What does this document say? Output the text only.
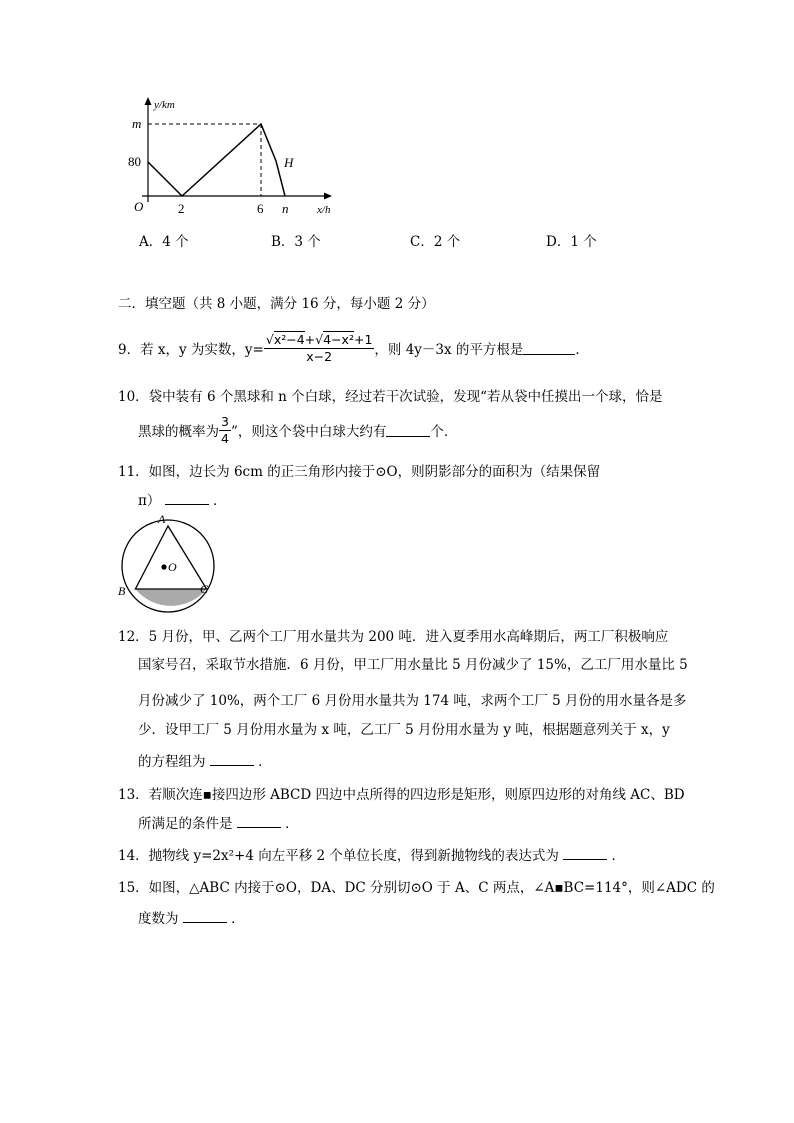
y/km
x/h
m
80
O	2	6 n
H
A．4 个	B．3 个	C．2 个	D．1 个
二．填空题（共 8 小题，满分 16 分，每小题 2 分）
9．若 x，y 为实数，$y= \frac{\text{√x²−4+√4−x²+1}}{x-2}$ ，则 4y－3x 的平方根是	．
10．袋中装有 6 个黑球和 n 个白球，经过若干次试验，发现“若从袋中任摸出一个球，恰是
黑球的概率为 $\frac{3}{4}$ ”，则这个袋中白球大约有	个．
11．如图，边长为 6cm 的正三角形内接于⊙O，则阴影部分的面积为（结果保留
π）	．
A
B	C
O
12．5 月份，甲、乙两个工厂用水量共为 200 吨．进入夏季用水高峰期后，两工厂积极响应
国家号召，采取节水措施．6 月份，甲工厂用水量比 5 月份减少了 15%，乙工厂用水量比 5
月份减少了 10%，两个工厂 6 月份用水量共为 174 吨，求两个工厂 5 月份的用水量各是多
少．设甲工厂 5 月份用水量为 x 吨，乙工厂 5 月份用水量为 y 吨，根据题意列关于 x，y
的方程组为	．
13．若顺次连▪接四边形 ABCD 四边中点所得的四边形是矩形，则原四边形的对角线 AC、BD
所满足的条件是	．
14．抛物线 y=2x²+4 向左平移 2 个单位长度，得到新抛物线的表达式为	．
15．如图，△ABC 内接于⊙O，DA、DC 分别切⊙O 于 A、C 两点，∠A▪BC=114°，则∠ADC 的
度数为	．
